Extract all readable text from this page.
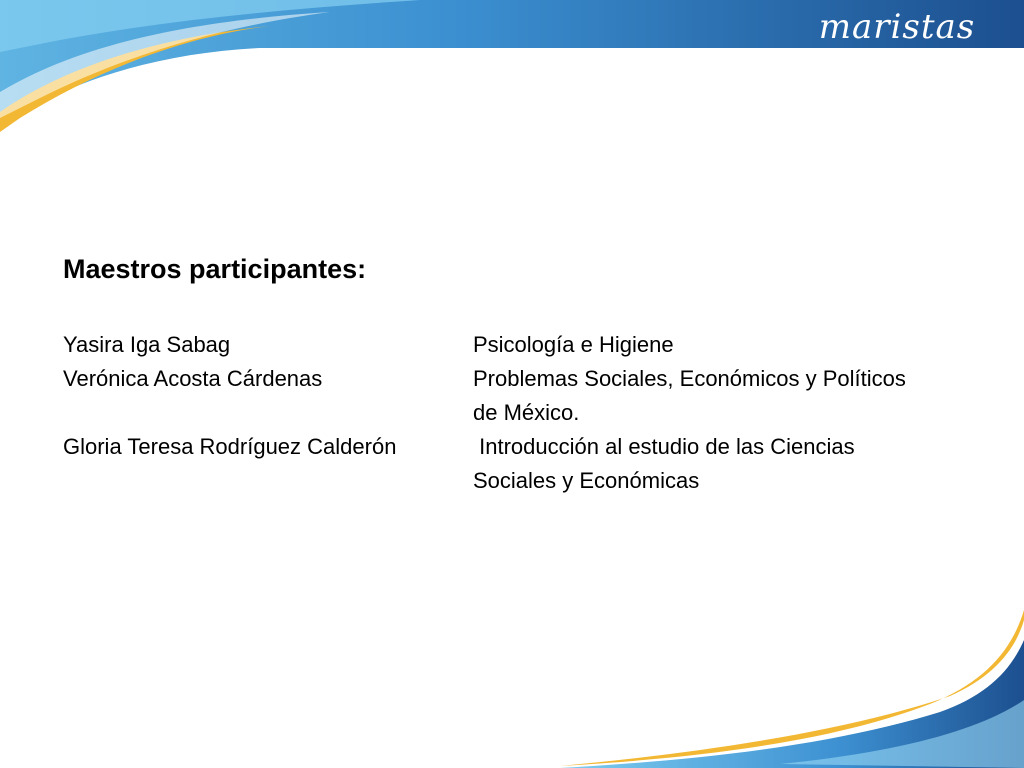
maristas
Maestros participantes:
Yasira Iga Sabag	Psicología e Higiene
Verónica Acosta Cárdenas	Problemas Sociales, Económicos y Políticos
de México.
Gloria Teresa Rodríguez Calderón	Introducción al estudio de las Ciencias
Sociales y Económicas
